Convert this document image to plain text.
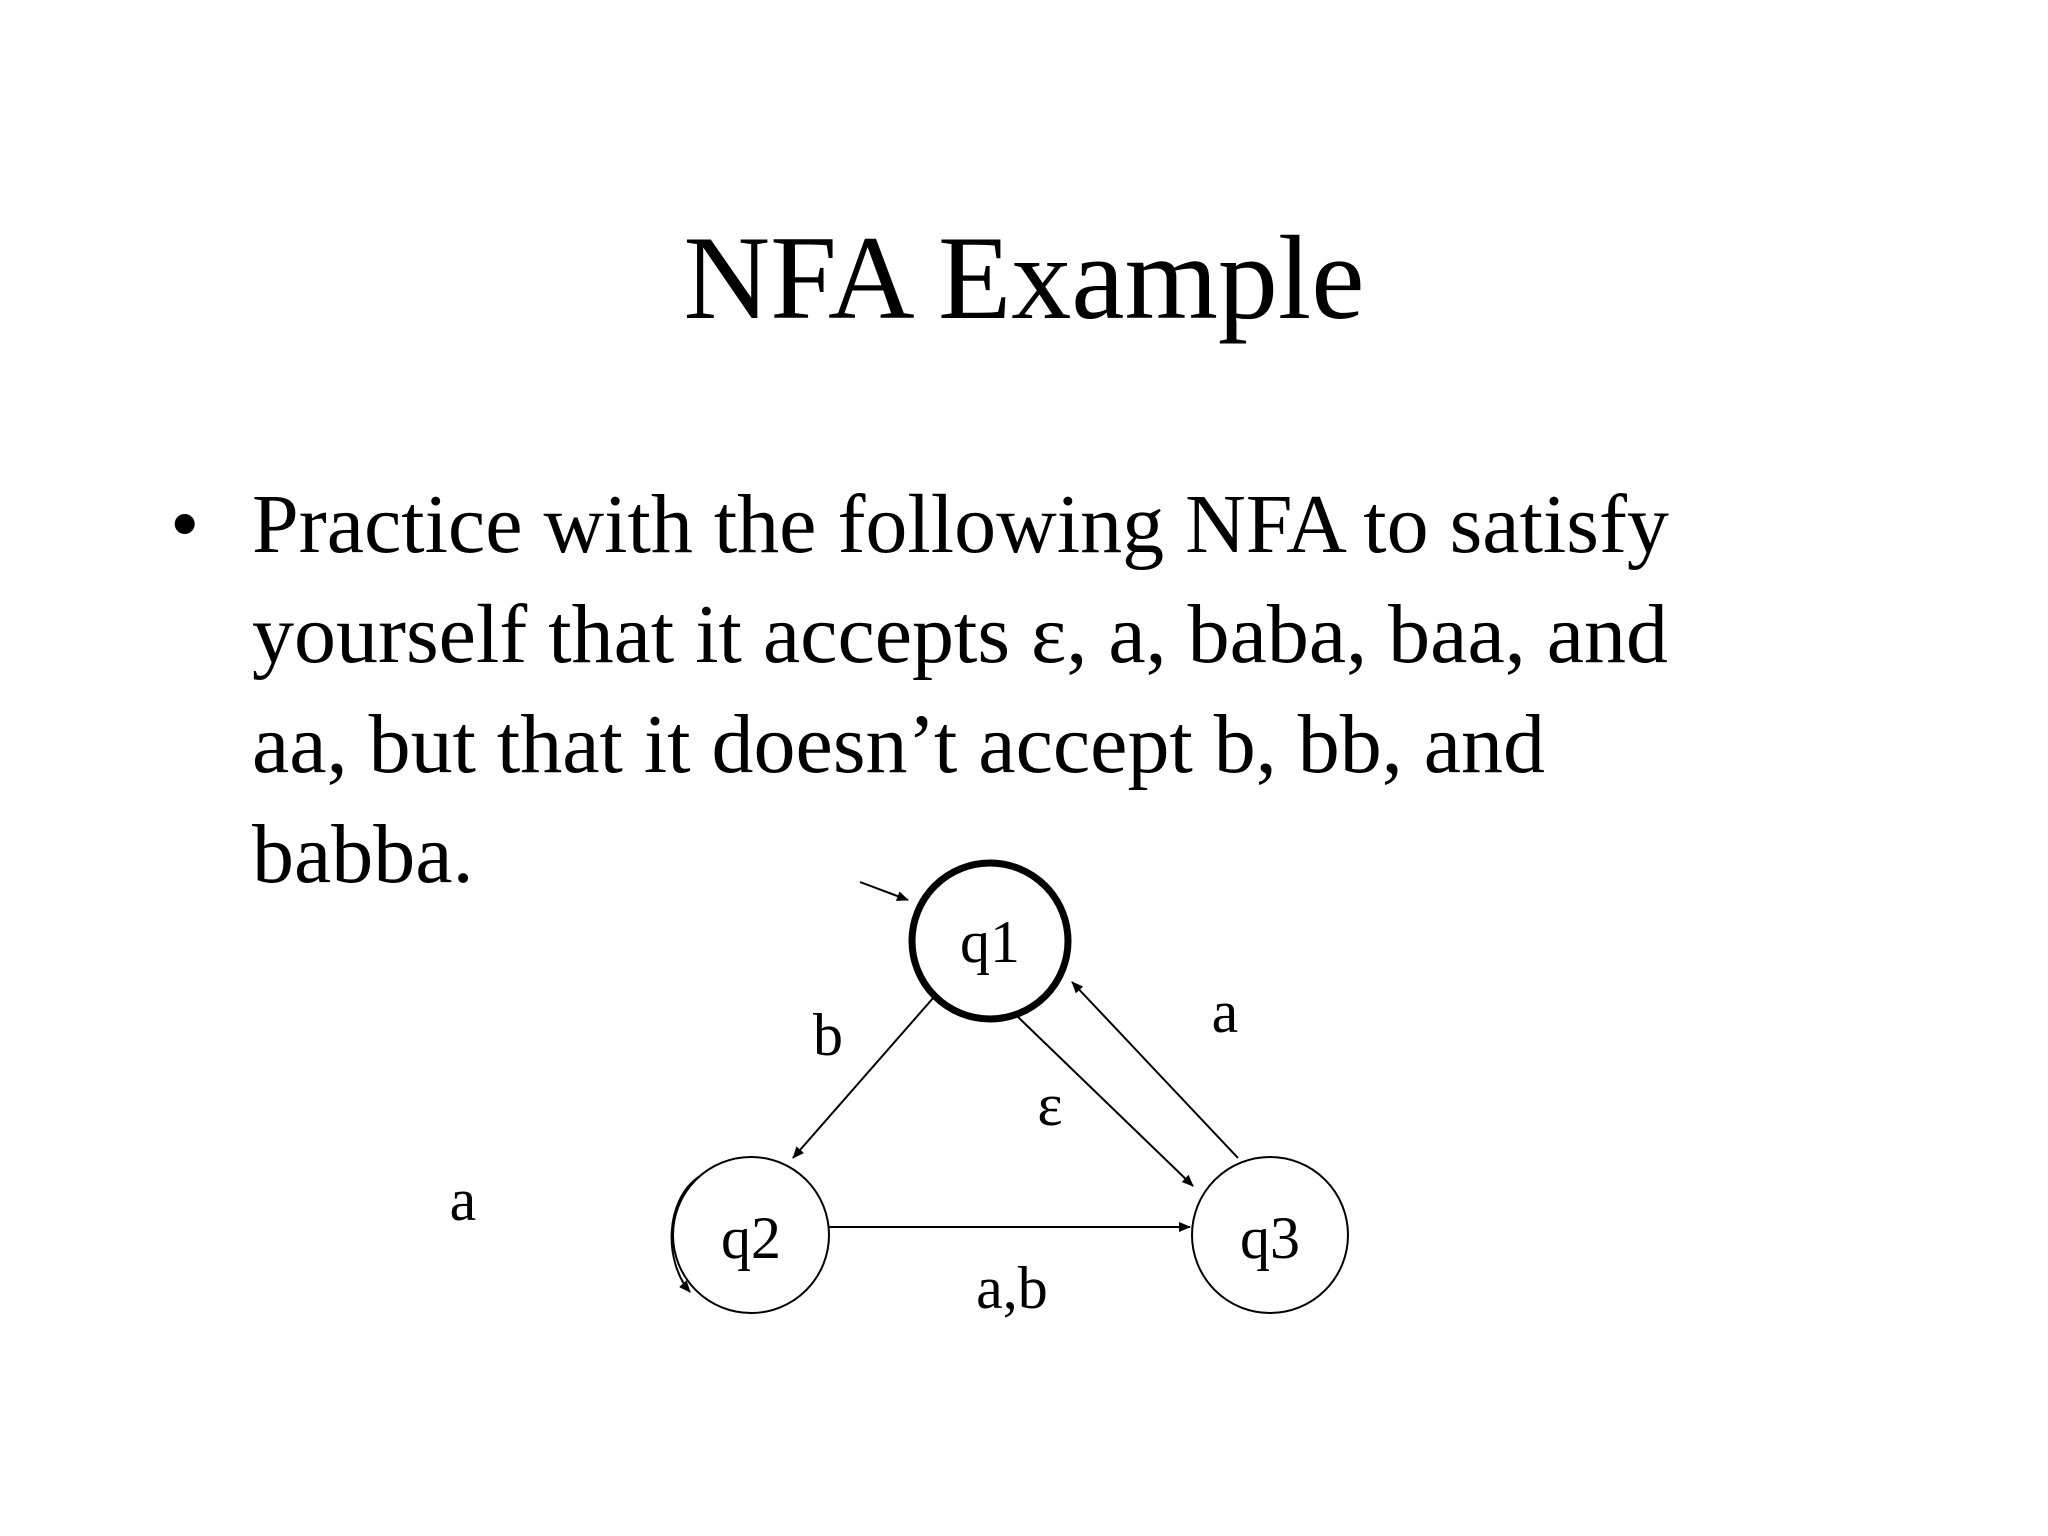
NFA Example
• Practice with the following NFA to satisfy
yourself that it accepts ε, a, baba, baa, and
aa, but that it doesn’t accept b, bb, and
babba.
q1
q2	q3
a
b
ε
a
a,b
